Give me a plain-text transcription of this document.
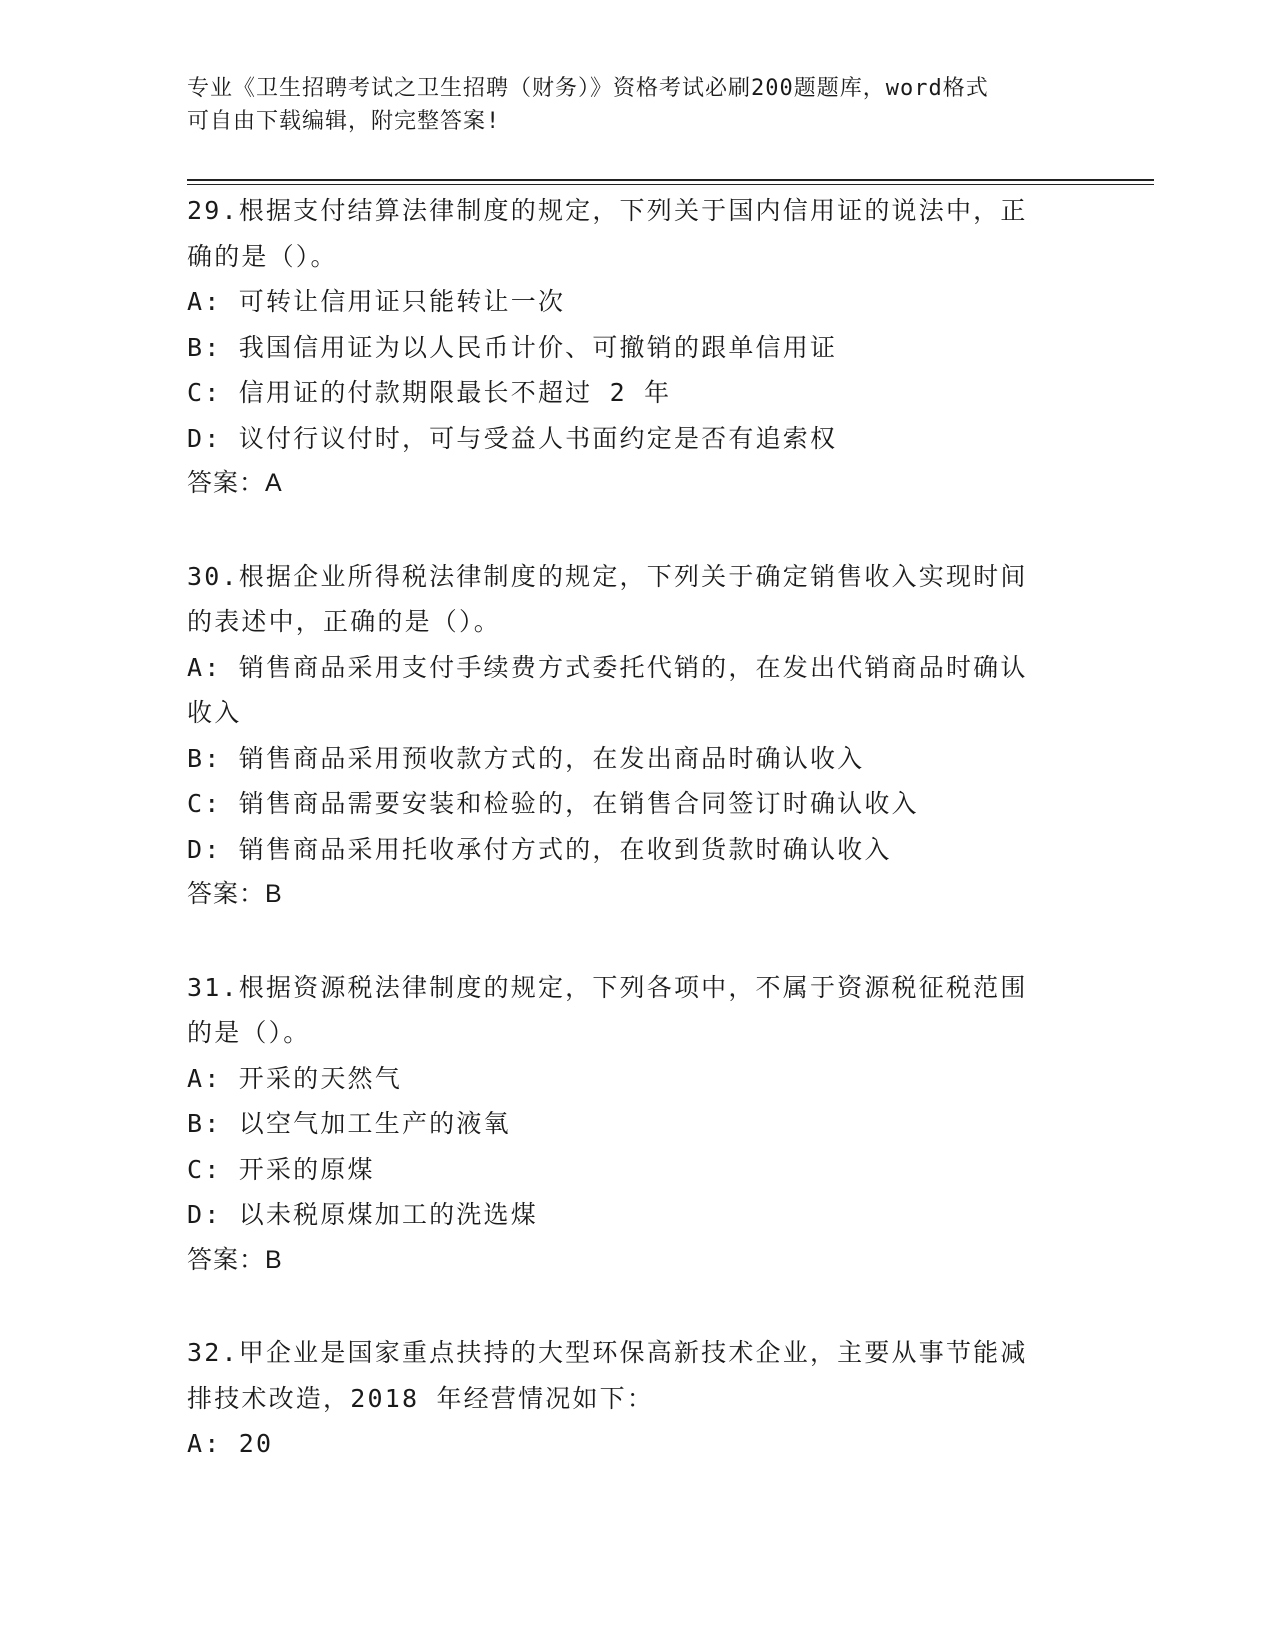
专业《卫生招聘考试之卫生招聘（财务）》资格考试必刷200题题库，word格式
可自由下载编辑，附完整答案!
29.根据支付结算法律制度的规定，下列关于国内信用证的说法中，正
确的是（）。
A: 可转让信用证只能转让一次
B: 我国信用证为以人民币计价、可撤销的跟单信用证
C: 信用证的付款期限最长不超过 2 年
D: 议付行议付时，可与受益人书面约定是否有追索权
答案：A
30.根据企业所得税法律制度的规定，下列关于确定销售收入实现时间
的表述中，正确的是（）。
A: 销售商品采用支付手续费方式委托代销的，在发出代销商品时确认
收入
B: 销售商品采用预收款方式的，在发出商品时确认收入
C: 销售商品需要安装和检验的，在销售合同签订时确认收入
D: 销售商品采用托收承付方式的，在收到货款时确认收入
答案：B
31.根据资源税法律制度的规定，下列各项中，不属于资源税征税范围
的是（）。
A: 开采的天然气
B: 以空气加工生产的液氧
C: 开采的原煤
D: 以未税原煤加工的洗选煤
答案：B
32.甲企业是国家重点扶持的大型环保高新技术企业，主要从事节能减
排技术改造，2018 年经营情况如下：
A: 20
